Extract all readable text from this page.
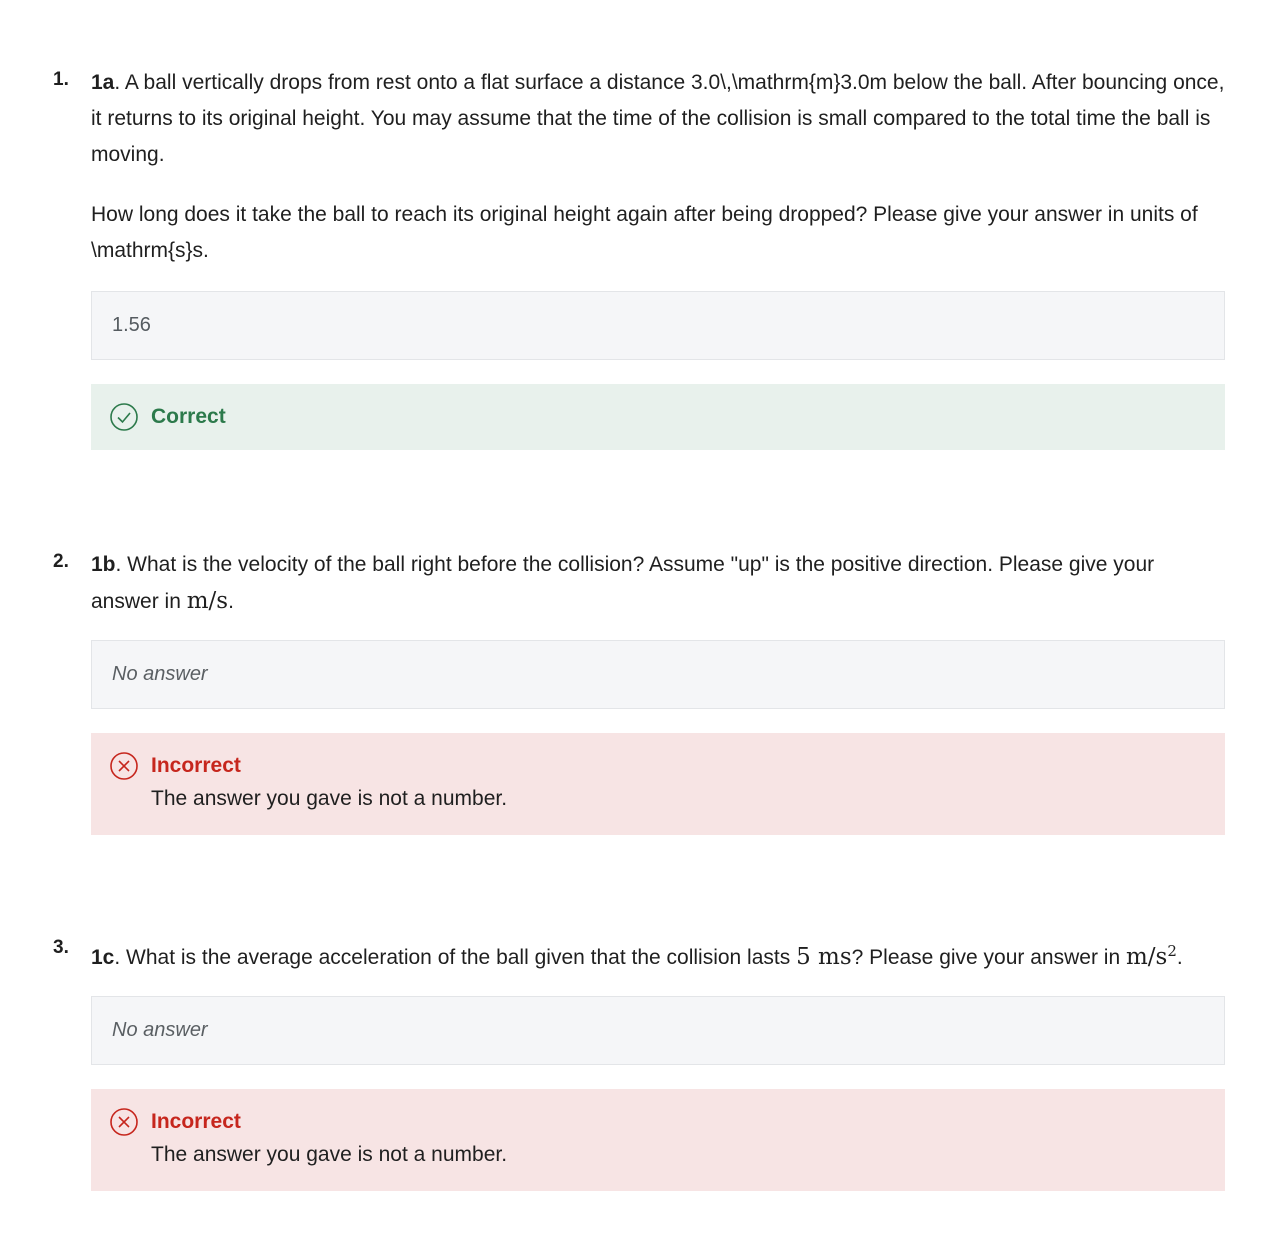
1. 1a. A ball vertically drops from rest onto a flat surface a distance 3.0\,\mathrm{m}3.0m below the ball. After bouncing once, it returns to its original height. You may assume that the time of the collision is small compared to the total time the ball is moving.

How long does it take the ball to reach its original height again after being dropped? Please give your answer in units of \mathrm{s}s.

1.56
Correct
2. 1b. What is the velocity of the ball right before the collision? Assume "up" is the positive direction. Please give your answer in m/s.

No answer
Incorrect
The answer you gave is not a number.
3. 1c. What is the average acceleration of the ball given that the collision lasts 5 ms? Please give your answer in $m/s^2$.

No answer
Incorrect
The answer you gave is not a number.
